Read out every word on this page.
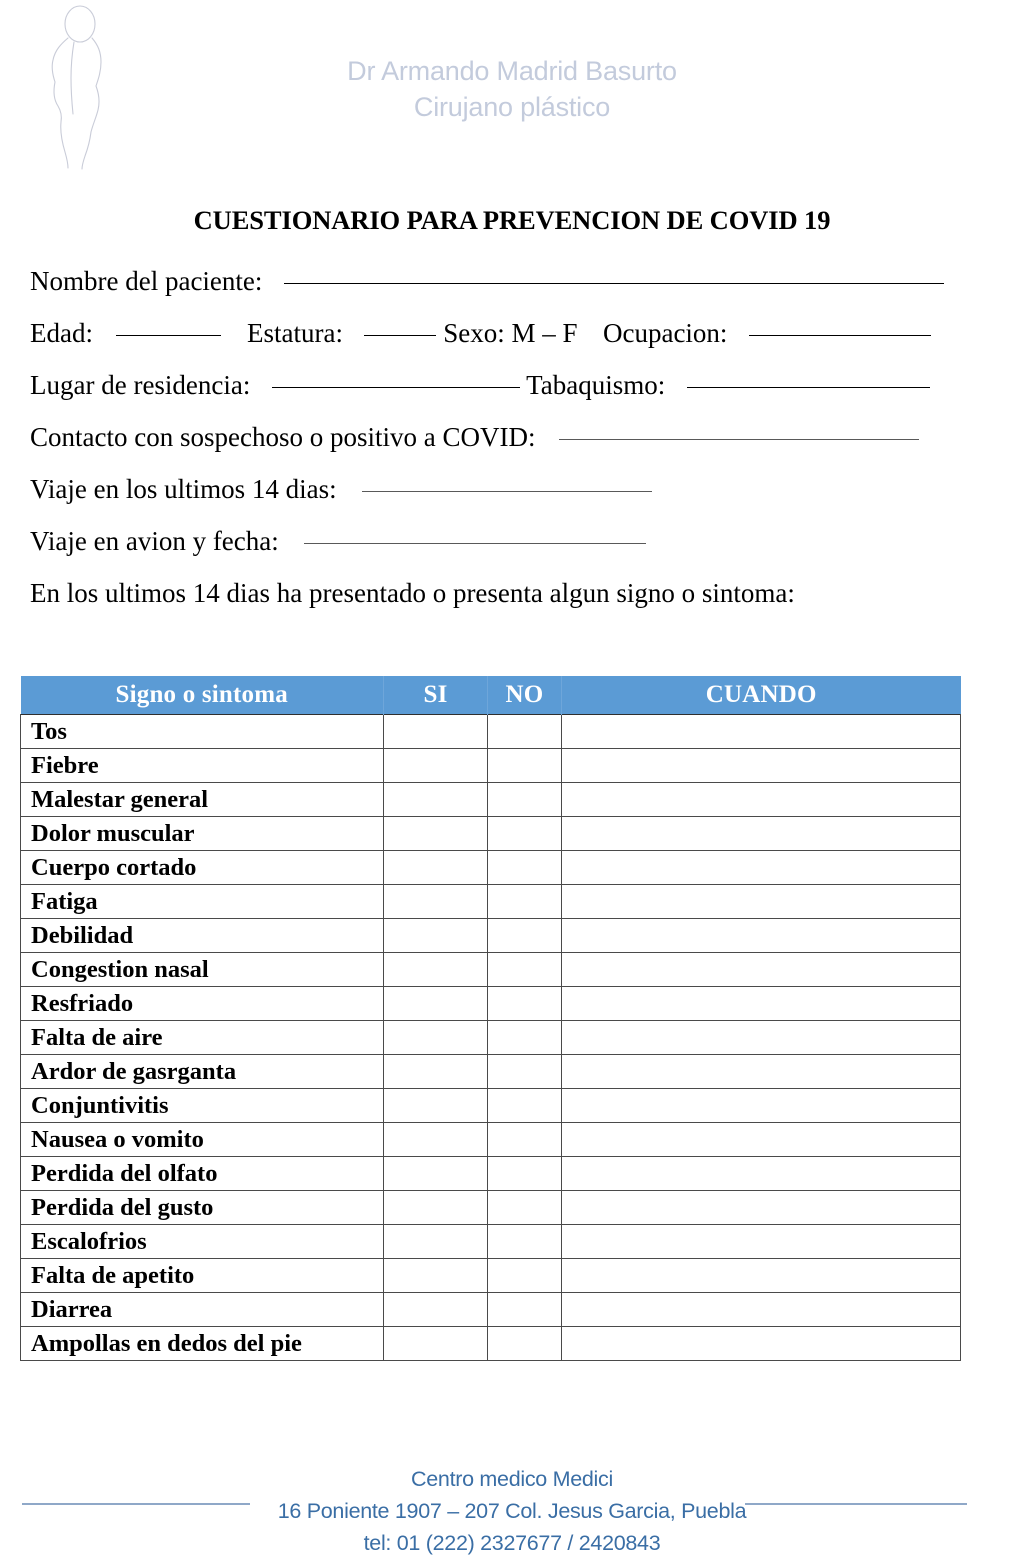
Dr Armando Madrid Basurto
Cirujano plástico
CUESTIONARIO PARA PREVENCION DE COVID 19
Nombre del paciente:
Edad:	Estatura:	Sexo: M – F Ocupacion:
Lugar de residencia:	Tabaquismo:
Contacto con sospechoso o positivo a COVID:
Viaje en los ultimos 14 dias:
Viaje en avion y fecha:
En los ultimos 14 dias ha presentado o presenta algun signo o sintoma:
Signo o sintoma	SI	NO	CUANDO
Tos			
Fiebre			
Malestar general			
Dolor muscular			
Cuerpo cortado			
Fatiga			
Debilidad			
Congestion nasal			
Resfriado			
Falta de aire			
Ardor de gasrganta			
Conjuntivitis			
Nausea o vomito			
Perdida del olfato			
Perdida del gusto			
Escalofrios			
Falta de apetito			
Diarrea			
Ampollas en dedos del pie			
Centro medico Medici
16 Poniente 1907 – 207 Col. Jesus Garcia, Puebla
tel: 01 (222) 2327677 / 2420843
